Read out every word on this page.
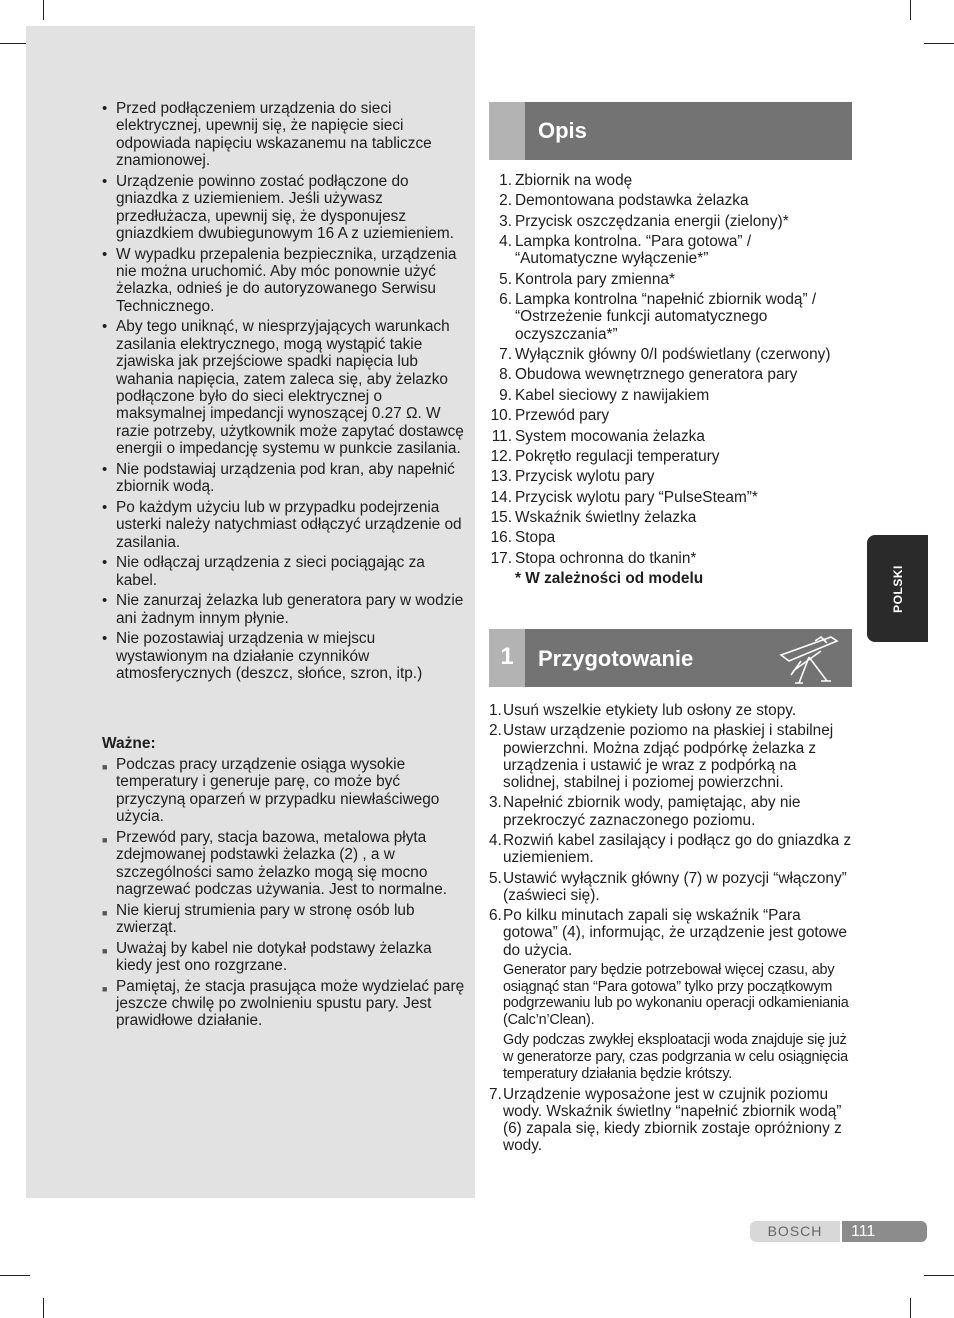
• Przed podłączeniem urządzenia do sieci elektrycznej, upewnij się, że napięcie sieci odpowiada napięciu wskazanemu na tabliczce znamionowej.
• Urządzenie powinno zostać podłączone do gniazdka z uziemieniem. Jeśli używasz przedłużacza, upewnij się, że dysponujesz gniazdkiem dwubiegunowym 16 A z uziemieniem.
• W wypadku przepalenia bezpiecznika, urządzenia nie można uruchomić. Aby móc ponownie użyć żelazka, odnieś je do autoryzowanego Serwisu Technicznego.
• Aby tego uniknąć, w niesprzyjających warunkach zasilania elektrycznego, mogą wystąpić takie zjawiska jak przejściowe spadki napięcia lub wahania napięcia, zatem zaleca się, aby żelazko podłączone było do sieci elektrycznej o maksymalnej impedancji wynoszącej 0.27 Ω. W razie potrzeby, użytkownik może zapytać dostawcę energii o impedancję systemu w punkcie zasilania.
• Nie podstawiaj urządzenia pod kran, aby napełnić zbiornik wodą.
• Po każdym użyciu lub w przypadku podejrzenia usterki należy natychmiast odłączyć urządzenie od zasilania.
• Nie odłączaj urządzenia z sieci pociągając za kabel.
• Nie zanurzaj żelazka lub generatora pary w wodzie ani żadnym innym płynie.
• Nie pozostawiaj urządzenia w miejscu wystawionym na działanie czynników atmosferycznych (deszcz, słońce, szron, itp.)
Ważne:
■ Podczas pracy urządzenie osiąga wysokie temperatury i generuje parę, co może być przyczyną oparzeń w przypadku niewłaściwego użycia.
■ Przewód pary, stacja bazowa, metalowa płyta zdejmowanej podstawki żelazka (2) , a w szczególności samo żelazko mogą się mocno nagrzewać podczas używania. Jest to normalne.
■ Nie kieruj strumienia pary w stronę osób lub zwierząt.
■ Uważaj by kabel nie dotykał podstawy żelazka kiedy jest ono rozgrzane.
■ Pamiętaj, że stacja prasująca może wydzielać parę jeszcze chwilę po zwolnieniu spustu pary. Jest prawidłowe działanie.
Opis
1. Zbiornik na wodę
2. Demontowana podstawka żelazka
3. Przycisk oszczędzania energii (zielony)*
4. Lampka kontrolna. “Para gotowa” / “Automatyczne wyłączenie*”
5. Kontrola pary zmienna*
6. Lampka kontrolna “napełnić zbiornik wodą” / “Ostrzeżenie funkcji automatycznego oczyszczania*”
7. Wyłącznik główny 0/I podświetlany (czerwony)
8. Obudowa wewnętrznego generatora pary
9. Kabel sieciowy z nawijakiem
10. Przewód pary
11. System mocowania żelazka
12. Pokrętło regulacji temperatury
13. Przycisk wylotu pary
14. Przycisk wylotu pary “PulseSteam”*
15. Wskaźnik świetlny żelazka
16. Stopa
17. Stopa ochronna do tkanin*
* W zależności od modelu
1	Przygotowanie
1. Usuń wszelkie etykiety lub osłony ze stopy.
2. Ustaw urządzenie poziomo na płaskiej i stabilnej powierzchni. Można zdjąć podpórkę żelazka z urządzenia i ustawić je wraz z podpórką na solidnej, stabilnej i poziomej powierzchni.
3. Napełnić zbiornik wody, pamiętając, aby nie przekroczyć zaznaczonego poziomu.
4. Rozwiń kabel zasilający i podłącz go do gniazdka z uziemieniem.
5. Ustawić wyłącznik główny (7) w pozycji “włączony” (zaświeci się).
6. Po kilku minutach zapali się wskaźnik “Para gotowa” (4), informując, że urządzenie jest gotowe do użycia.
Generator pary będzie potrzebował więcej czasu, aby osiągnąć stan “Para gotowa” tylko przy początkowym podgrzewaniu lub po wykonaniu operacji odkamieniania (Calc’n’Clean).
Gdy podczas zwykłej eksploatacji woda znajduje się już w generatorze pary, czas podgrzania w celu osiągnięcia temperatury działania będzie krótszy.
7. Urządzenie wyposażone jest w czujnik poziomu wody. Wskaźnik świetlny “napełnić zbiornik wodą” (6) zapala się, kiedy zbiornik zostaje opróżniony z wody.
POLSKI
BOSCH	111
